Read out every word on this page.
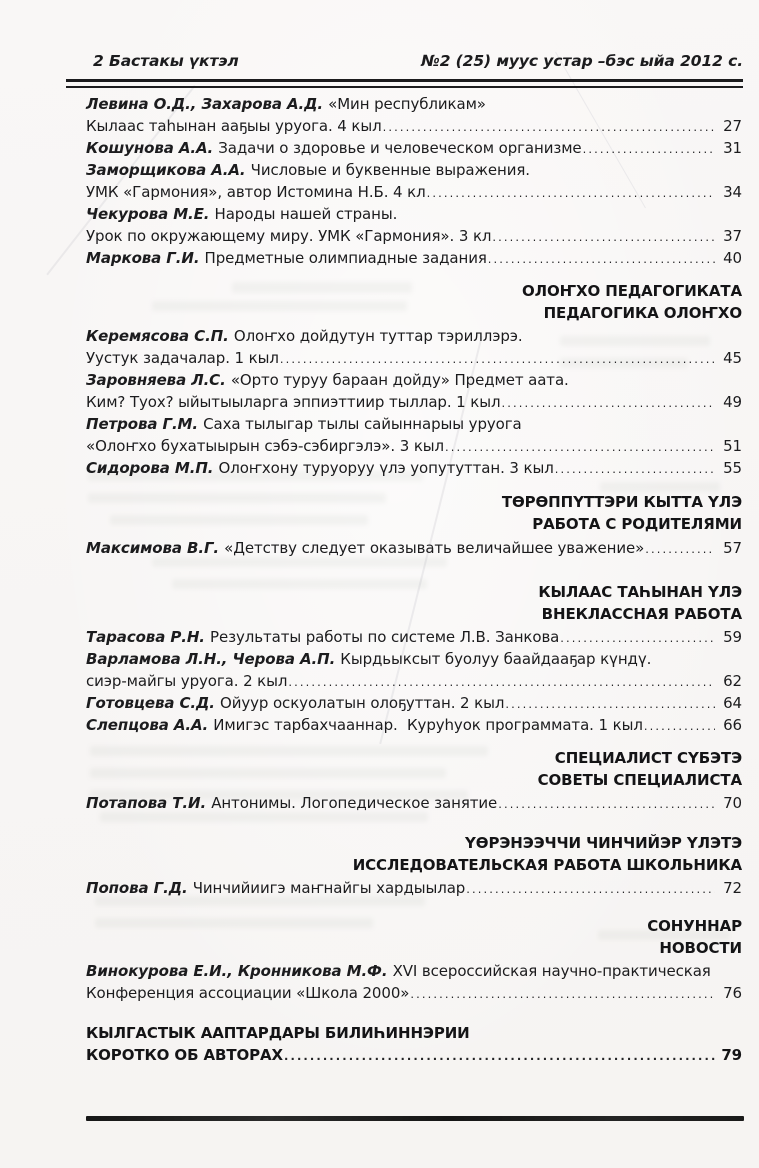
2 Бастакы үктэл	№2 (25) муус устар –бэс ыйа 2012 с.
Левина О.Д., Захарова А.Д. «Мин республикам»
Кылаас таһынан ааҕыы уруога. 4 кыл .....	27
Кошунова А.А. Задачи о здоровье и человеческом организме .....	31
Заморщикова А.А. Числовые и буквенные выражения.
УМК «Гармония», автор Истомина Н.Б. 4 кл .....	34
Чекурова М.Е. Народы нашей страны.
Урок по окружающему миру. УМК «Гармония». 3 кл .....	37
Маркова Г.И. Предметные олимпиадные задания .....	40
ОЛОҤХО ПЕДАГОГИКАТА
ПЕДАГОГИКА ОЛОҤХО
Керемясова С.П. Олоҥхо дойдутун туттар тэриллэрэ.
Уустук задачалар. 1 кыл .....	45
Заровняева Л.С. «Орто туруу бараан дойду» Предмет аата.
Ким? Туох? ыйытыыларга эппиэттиир тыллар. 1 кыл .....	49
Петрова Г.М. Саха тылыгар тылы сайыннарыы уруога
«Олоҥхо бухатыырын сэбэ-сэбиргэлэ». 3 кыл .....	51
Сидорова М.П. Олоҥхону туруоруу үлэ уопутуттан. 3 кыл .....	55
ТӨРӨППҮТТЭРИ КЫТТА ҮЛЭ
РАБОТА С РОДИТЕЛЯМИ
Максимова В.Г. «Детству следует оказывать величайшее уважение» .....	57
КЫЛААС ТАҺЫНАН ҮЛЭ
ВНЕКЛАССНАЯ РАБОТА
Тарасова Р.Н. Результаты работы по системе Л.В. Занкова .....	59
Варламова Л.Н., Черова А.П. Кырдьыксыт буолуу баайдааҕар күндү.
сиэр-майгы уруога. 2 кыл .....	62
Готовцева С.Д. Ойуур оскуолатын олоҕуттан. 2 кыл .....	64
Слепцова А.А. Имигэс тарбахчааннар.  Куруһуок программата. 1 кыл .....	66
СПЕЦИАЛИСТ СҮБЭТЭ
СОВЕТЫ СПЕЦИАЛИСТА
Потапова Т.И. Антонимы. Логопедическое занятие .....	70
ҮӨРЭНЭЭЧЧИ ЧИНЧИЙЭР ҮЛЭТЭ
ИССЛЕДОВАТЕЛЬСКАЯ РАБОТА ШКОЛЬНИКА
Попова Г.Д. Чинчийиигэ маҥнайгы хардыылар .....	72
СОНУННАР
НОВОСТИ
Винокурова Е.И., Кронникова М.Ф. XVI всероссийская научно-практическая
Конференция ассоциации «Школа 2000» .....	76
КЫЛГАСТЫК ААПТАРДАРЫ БИЛИҺИННЭРИИ
КОРОТКО ОБ АВТОРАХ .....	79
